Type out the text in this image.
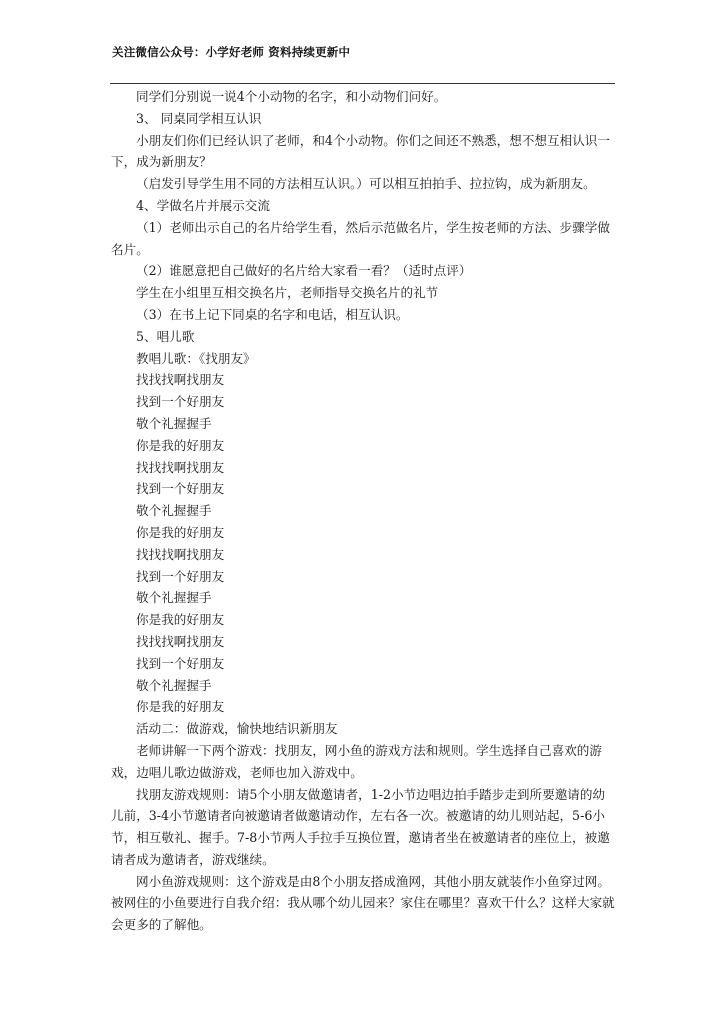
关注微信公众号：小学好老师 资料持续更新中

同学们分别说一说4个小动物的名字，和小动物们问好。

3、 同桌同学相互认识

小朋友们你们已经认识了老师，和4个小动物。你们之间还不熟悉，想不想互相认识一下，成为新朋友？

（启发引导学生用不同的方法相互认识。）可以相互拍拍手、拉拉钩，成为新朋友。

4、学做名片并展示交流

（1）老师出示自己的名片给学生看，然后示范做名片，学生按老师的方法、步骤学做名片。

（2）谁愿意把自己做好的名片给大家看一看？（适时点评）

学生在小组里互相交换名片，老师指导交换名片的礼节

（3）在书上记下同桌的名字和电话，相互认识。

5、唱儿歌

教唱儿歌：《找朋友》

找找找啊找朋友

找到一个好朋友

敬个礼握握手

你是我的好朋友

找找找啊找朋友

找到一个好朋友

敬个礼握握手

你是我的好朋友

找找找啊找朋友

找到一个好朋友

敬个礼握握手

你是我的好朋友

找找找啊找朋友

找到一个好朋友

敬个礼握握手

你是我的好朋友

活动二：做游戏，愉快地结识新朋友

老师讲解一下两个游戏：找朋友，网小鱼的游戏方法和规则。学生选择自己喜欢的游戏，边唱儿歌边做游戏，老师也加入游戏中。

找朋友游戏规则：请5个小朋友做邀请者，1-2小节边唱边拍手踏步走到所要邀请的幼儿前，3-4小节邀请者向被邀请者做邀请动作，左右各一次。被邀请的幼儿则站起，5-6小节，相互敬礼、握手。7-8小节两人手拉手互换位置，邀请者坐在被邀请者的座位上，被邀请者成为邀请者，游戏继续。

网小鱼游戏规则：这个游戏是由8个小朋友搭成渔网，其他小朋友就装作小鱼穿过网。被网住的小鱼要进行自我介绍：我从哪个幼儿园来？家住在哪里？喜欢干什么？这样大家就会更多的了解他。
